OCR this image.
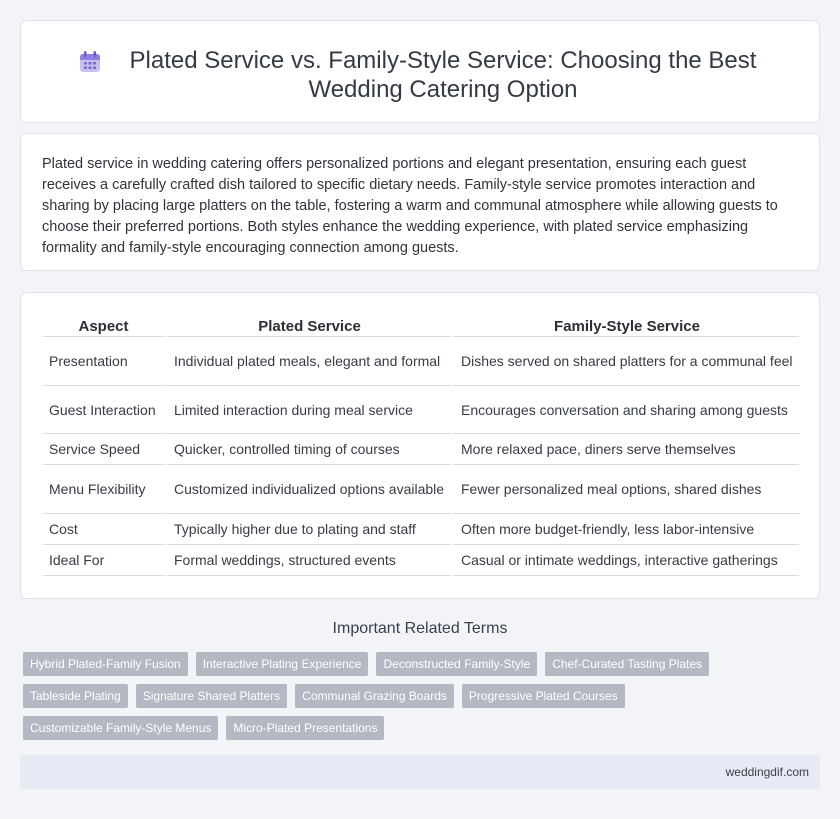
Plated Service vs. Family-Style Service: Choosing the Best Wedding Catering Option

Plated service in wedding catering offers personalized portions and elegant presentation, ensuring each guest receives a carefully crafted dish tailored to specific dietary needs. Family-style service promotes interaction and sharing by placing large platters on the table, fostering a warm and communal atmosphere while allowing guests to choose their preferred portions. Both styles enhance the wedding experience, with plated service emphasizing formality and family-style encouraging connection among guests.

Aspect	Plated Service	Family-Style Service
Presentation	Individual plated meals, elegant and formal	Dishes served on shared platters for a communal feel
Guest Interaction	Limited interaction during meal service	Encourages conversation and sharing among guests
Service Speed	Quicker, controlled timing of courses	More relaxed pace, diners serve themselves
Menu Flexibility	Customized individualized options available	Fewer personalized meal options, shared dishes
Cost	Typically higher due to plating and staff	Often more budget-friendly, less labor-intensive
Ideal For	Formal weddings, structured events	Casual or intimate weddings, interactive gatherings
Important Related Terms
Hybrid Plated-Family Fusion	Interactive Plating Experience	Deconstructed Family-Style	Chef-Curated Tasting Plates
Tableside Plating	Signature Shared Platters	Communal Grazing Boards	Progressive Plated Courses
Customizable Family-Style Menus	Micro-Plated Presentations
weddingdif.com
